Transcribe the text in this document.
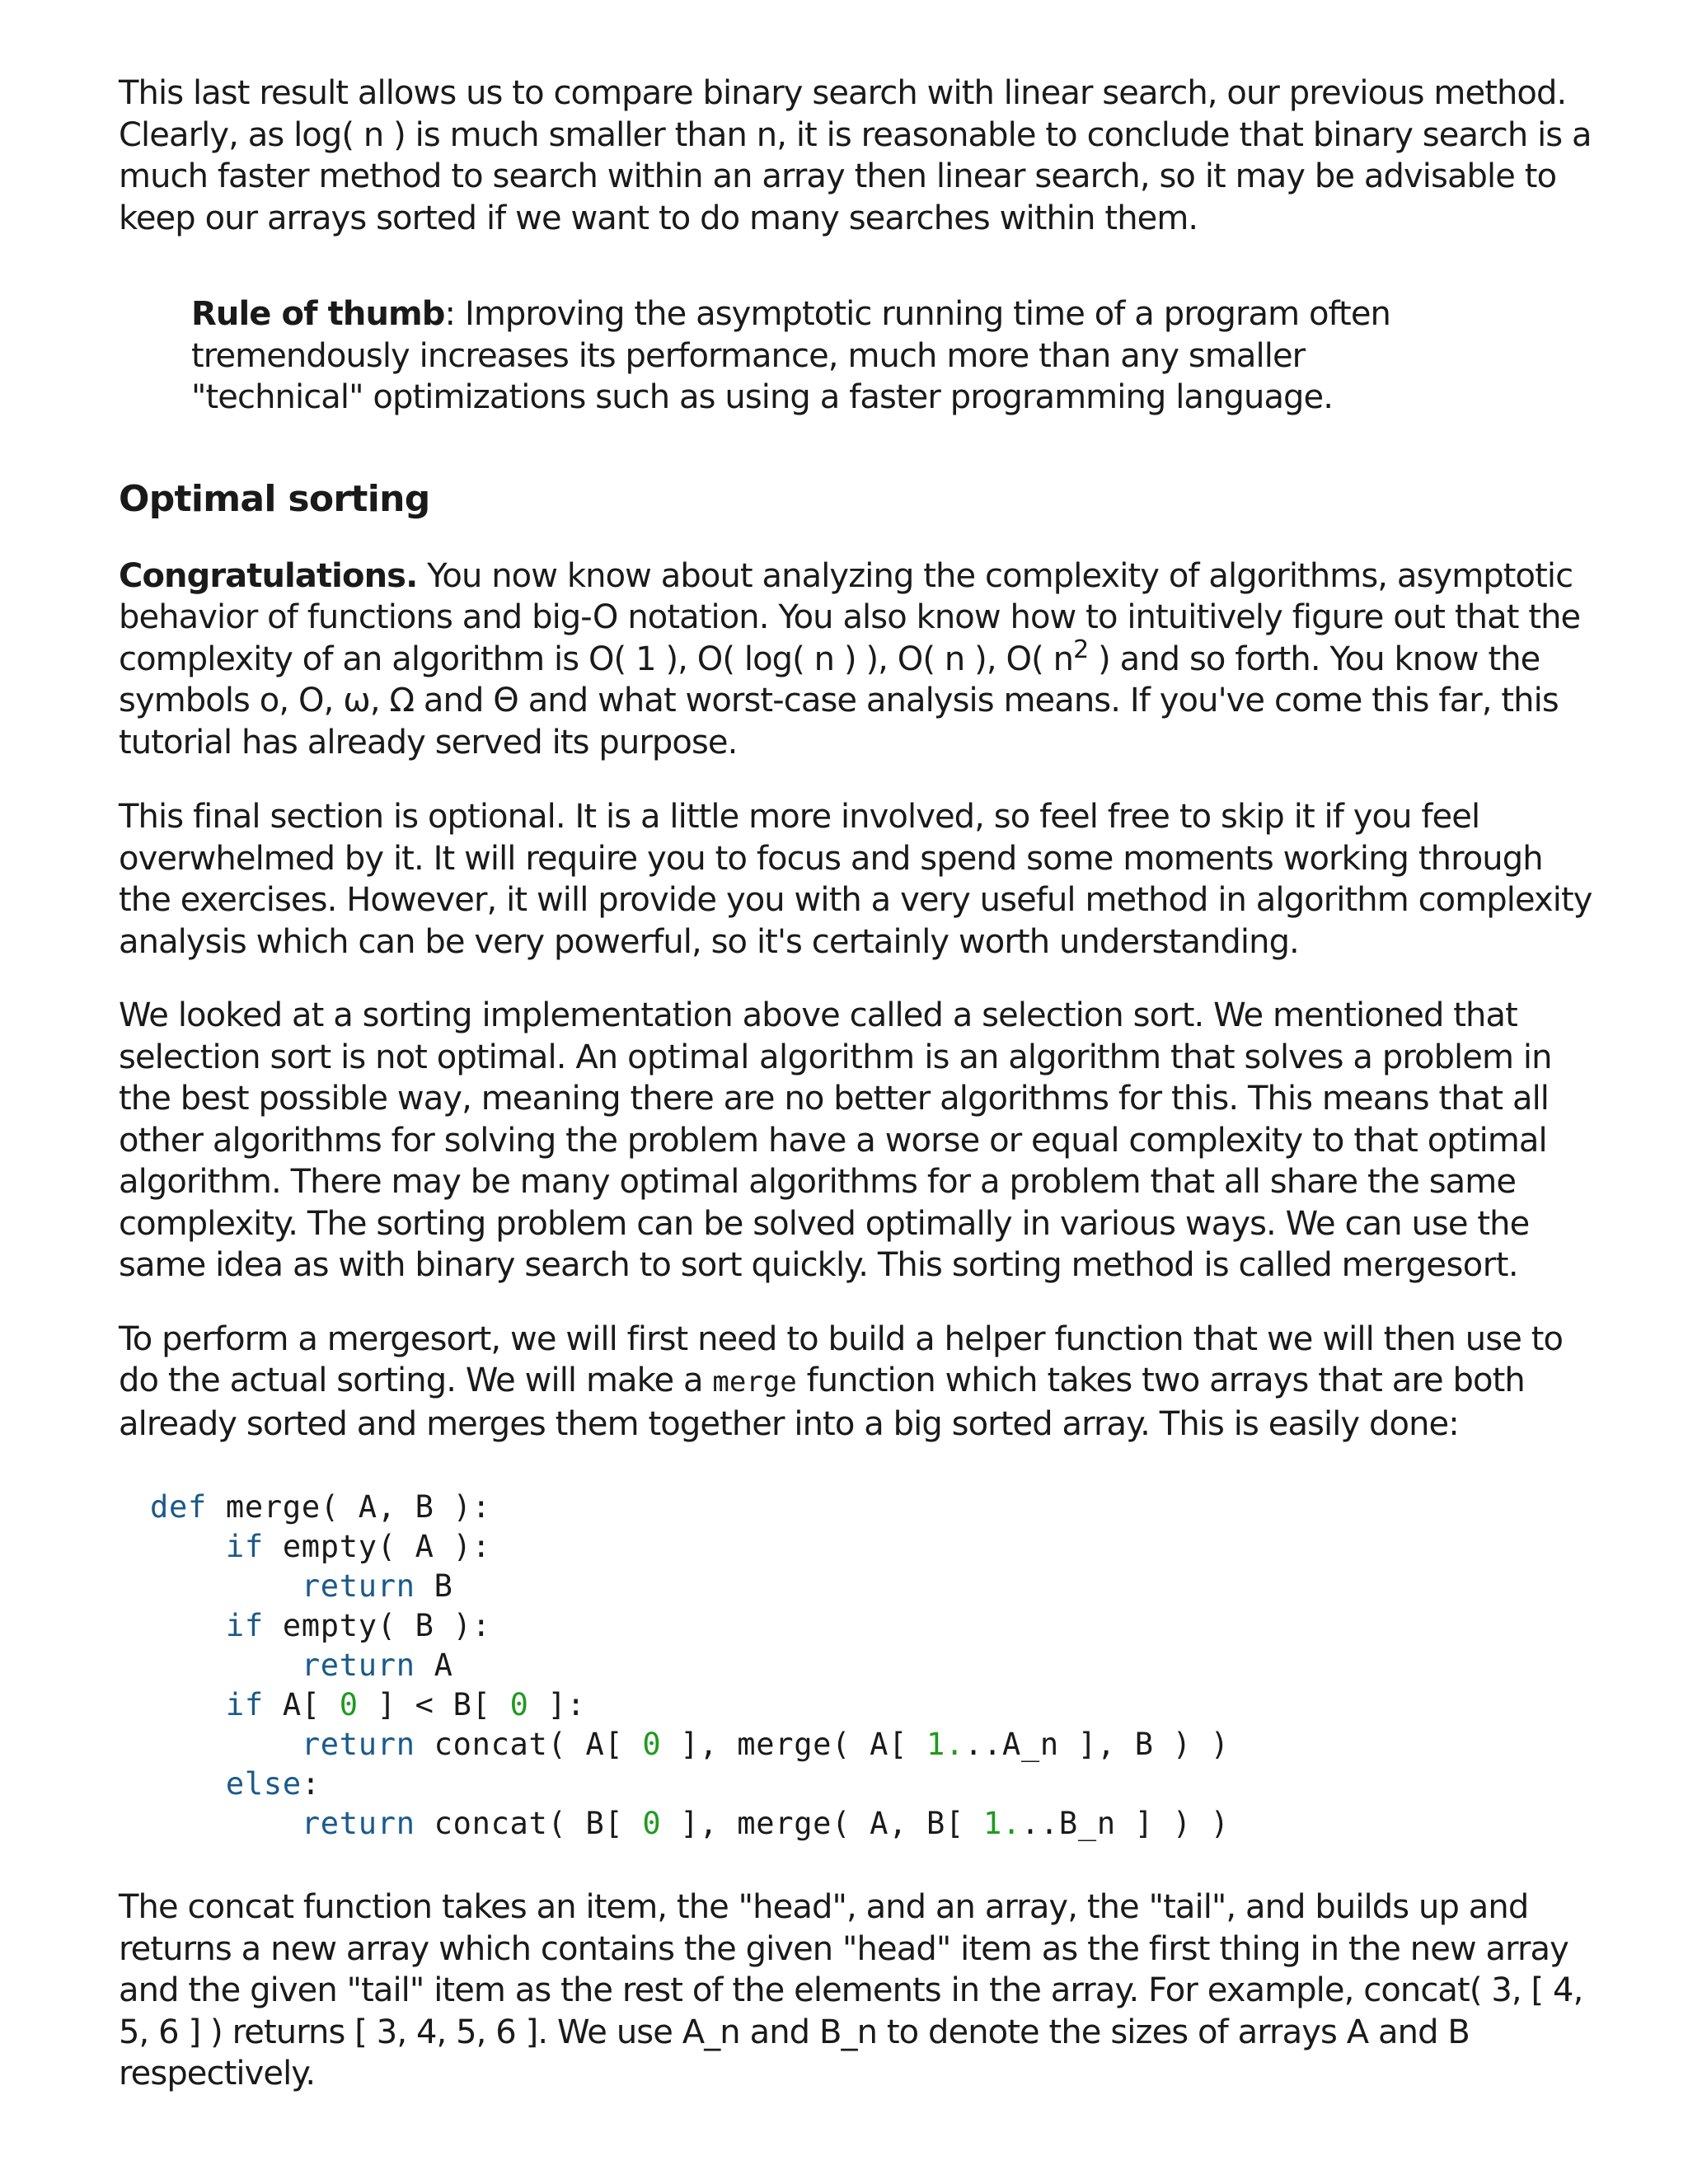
This last result allows us to compare binary search with linear search, our previous method. Clearly, as log( n ) is much smaller than n, it is reasonable to conclude that binary search is a much faster method to search within an array then linear search, so it may be advisable to keep our arrays sorted if we want to do many searches within them.

Rule of thumb: Improving the asymptotic running time of a program often tremendously increases its performance, much more than any smaller "technical" optimizations such as using a faster programming language.

Optimal sorting

Congratulations. You now know about analyzing the complexity of algorithms, asymptotic behavior of functions and big-O notation. You also know how to intuitively figure out that the complexity of an algorithm is O( 1 ), O( log( n ) ), O( n ), O( $n^2$ ) and so forth. You know the symbols o, O, ω, Ω and Θ and what worst-case analysis means. If you've come this far, this tutorial has already served its purpose.

This final section is optional. It is a little more involved, so feel free to skip it if you feel overwhelmed by it. It will require you to focus and spend some moments working through the exercises. However, it will provide you with a very useful method in algorithm complexity analysis which can be very powerful, so it's certainly worth understanding.

We looked at a sorting implementation above called a selection sort. We mentioned that selection sort is not optimal. An optimal algorithm is an algorithm that solves a problem in the best possible way, meaning there are no better algorithms for this. This means that all other algorithms for solving the problem have a worse or equal complexity to that optimal algorithm. There may be many optimal algorithms for a problem that all share the same complexity. The sorting problem can be solved optimally in various ways. We can use the same idea as with binary search to sort quickly. This sorting method is called mergesort.

To perform a mergesort, we will first need to build a helper function that we will then use to do the actual sorting. We will make a merge function which takes two arrays that are both already sorted and merges them together into a big sorted array. This is easily done:

def merge( A, B ):
if empty( A ):
return B
if empty( B ):
return A
if A[ 0 ] < B[ 0 ]:
return concat( A[ 0 ], merge( A[ 1...A_n ], B ) )
else:
return concat( B[ 0 ], merge( A, B[ 1...B_n ] ) )

The concat function takes an item, the "head", and an array, the "tail", and builds up and returns a new array which contains the given "head" item as the first thing in the new array and the given "tail" item as the rest of the elements in the array. For example, concat( 3, [ 4, 5, 6 ] ) returns [ 3, 4, 5, 6 ]. We use A_n and B_n to denote the sizes of arrays A and B respectively.
